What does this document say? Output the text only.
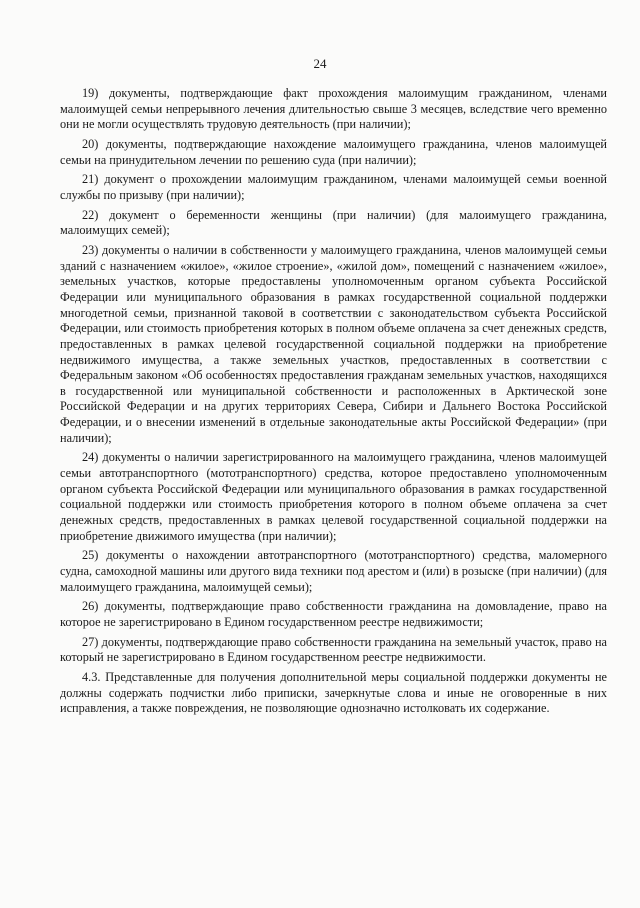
24

19) документы, подтверждающие факт прохождения малоимущим гражданином, членами малоимущей семьи непрерывного лечения длительностью свыше 3 месяцев, вследствие чего временно они не могли осуществлять трудовую деятельность (при наличии);

20) документы, подтверждающие нахождение малоимущего гражданина, членов малоимущей семьи на принудительном лечении по решению суда (при наличии);

21) документ о прохождении малоимущим гражданином, членами малоимущей семьи военной службы по призыву (при наличии);

22) документ о беременности женщины (при наличии) (для малоимущего гражданина, малоимущих семей);

23) документы о наличии в собственности у малоимущего гражданина, членов малоимущей семьи зданий с назначением «жилое», «жилое строение», «жилой дом», помещений с назначением «жилое», земельных участков, которые предоставлены уполномоченным органом субъекта Российской Федерации или муниципального образования в рамках государственной социальной поддержки многодетной семьи, признанной таковой в соответствии с законодательством субъекта Российской Федерации, или стоимость приобретения которых в полном объеме оплачена за счет денежных средств, предоставленных в рамках целевой государственной социальной поддержки на приобретение недвижимого имущества, а также земельных участков, предоставленных в соответствии с Федеральным законом «Об особенностях предоставления гражданам земельных участков, находящихся в государственной или муниципальной собственности и расположенных в Арктической зоне Российской Федерации и на других территориях Севера, Сибири и Дальнего Востока Российской Федерации, и о внесении изменений в отдельные законодательные акты Российской Федерации» (при наличии);

24) документы о наличии зарегистрированного на малоимущего гражданина, членов малоимущей семьи автотранспортного (мототранспортного) средства, которое предоставлено уполномоченным органом субъекта Российской Федерации или муниципального образования в рамках государственной социальной поддержки или стоимость приобретения которого в полном объеме оплачена за счет денежных средств, предоставленных в рамках целевой государственной социальной поддержки на приобретение движимого имущества (при наличии);

25) документы о нахождении автотранспортного (мототранспортного) средства, маломерного судна, самоходной машины или другого вида техники под арестом и (или) в розыске (при наличии) (для малоимущего гражданина, малоимущей семьи);

26) документы, подтверждающие право собственности гражданина на домовладение, право на которое не зарегистрировано в Едином государственном реестре недвижимости;

27) документы, подтверждающие право собственности гражданина на земельный участок, право на который не зарегистрировано в Едином государственном реестре недвижимости.

4.3. Представленные для получения дополнительной меры социальной поддержки документы не должны содержать подчистки либо приписки, зачеркнутые слова и иные не оговоренные в них исправления, а также повреждения, не позволяющие однозначно истолковать их содержание.
